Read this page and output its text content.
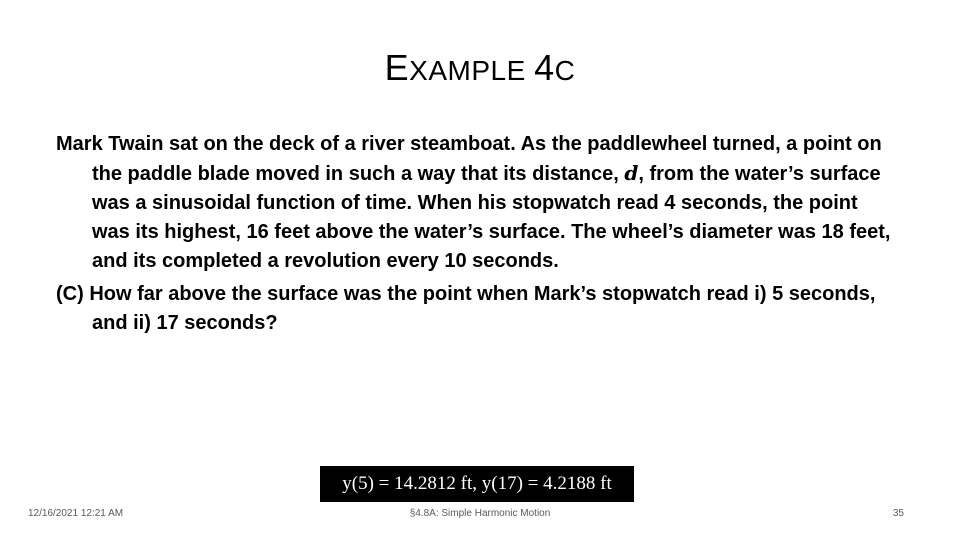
EXAMPLE 4C

Mark Twain sat on the deck of a river steamboat. As the paddlewheel turned, a point on the paddle blade moved in such a way that its distance, d, from the water’s surface was a sinusoidal function of time. When his stopwatch read 4 seconds, the point was its highest, 16 feet above the water’s surface. The wheel’s diameter was 18 feet, and its completed a revolution every 10 seconds.

(C) How far above the surface was the point when Mark’s stopwatch read i) 5 seconds, and ii) 17 seconds?

y(5) = 14.2812 ft, y(17) = 4.2188 ft
12/16/2021 12:21 AM	§4.8A: Simple Harmonic Motion	35
